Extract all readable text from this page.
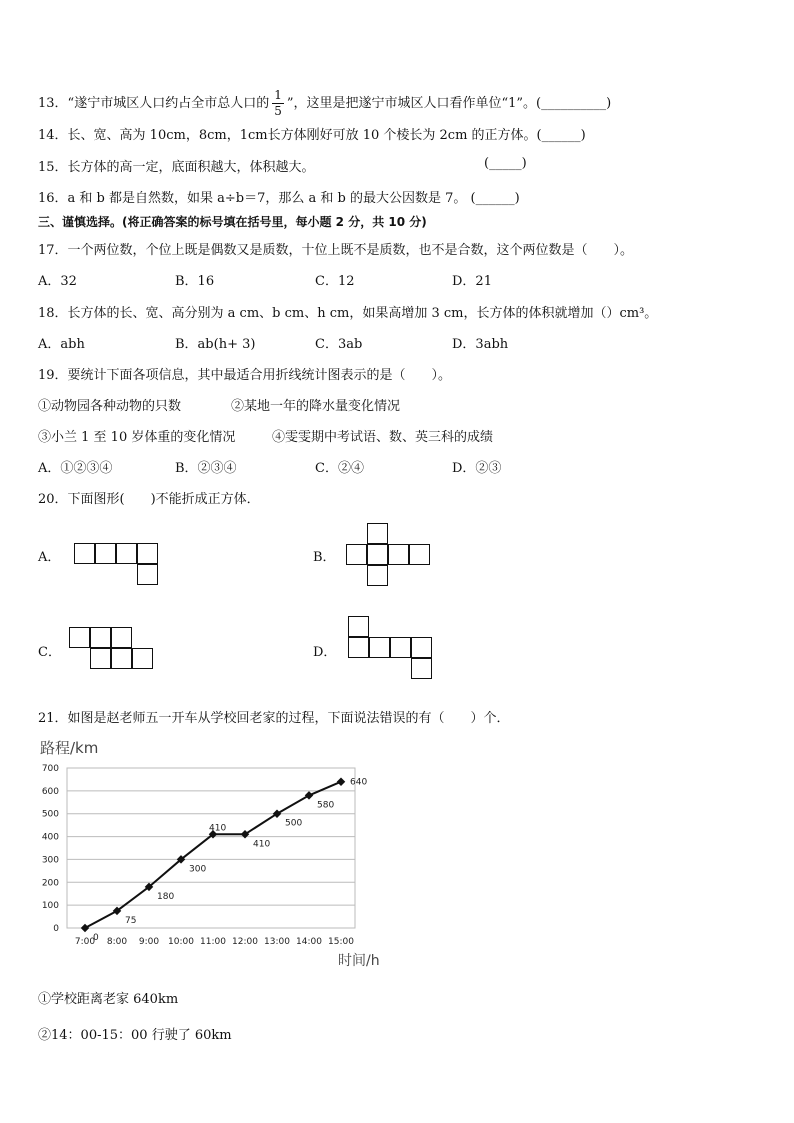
13．“遂宁市城区人口约占全市总人口的 $\frac{1}{5}$ ”，这里是把遂宁市城区人口看作单位“1”。(__________)
14．长、宽、高为 10cm，8cm，1cm长方体刚好可放 10 个棱长为 2cm 的正方体。(______)
15．长方体的高一定，底面积越大，体积越大。	(_____)
16．a 和 b 都是自然数，如果 a÷b＝7，那么 a 和 b 的最大公因数是 7。 (______)
三、谨慎选择。(将正确答案的标号填在括号里，每小题 2 分，共 10 分)
17．一个两位数，个位上既是偶数又是质数，十位上既不是质数，也不是合数，这个两位数是（　　）。
A．32	B．16	C．12	D．21
18．长方体的长、宽、高分别为 a cm、b cm、h cm，如果高增加 3 cm，长方体的体积就增加（）cm³。
A．abh	B．ab(h+ 3)	C．3ab	D．3abh
19．要统计下面各项信息，其中最适合用折线统计图表示的是（　　）。
①动物园各种动物的只数	②某地一年的降水量变化情况
③小兰 1 至 10 岁体重的变化情况	④雯雯期中考试语、数、英三科的成绩
A．①②③④	B．②③④	C．②④	D．②③
20．下面图形(　　)不能折成正方体．
A．	B．
C．	D．
21．如图是赵老师五一开车从学校回老家的过程，下面说法错误的有（　　）个．
路程/km
0
100
200
300
400
500
600
700
7:00 8:00 9:00 10:00 11:00 12:00 13:00 14:00 15:00
0
75
180
300
410
410
500
580
640
时间/h
①学校距离老家 640km
②14：00-15：00 行驶了 60km
